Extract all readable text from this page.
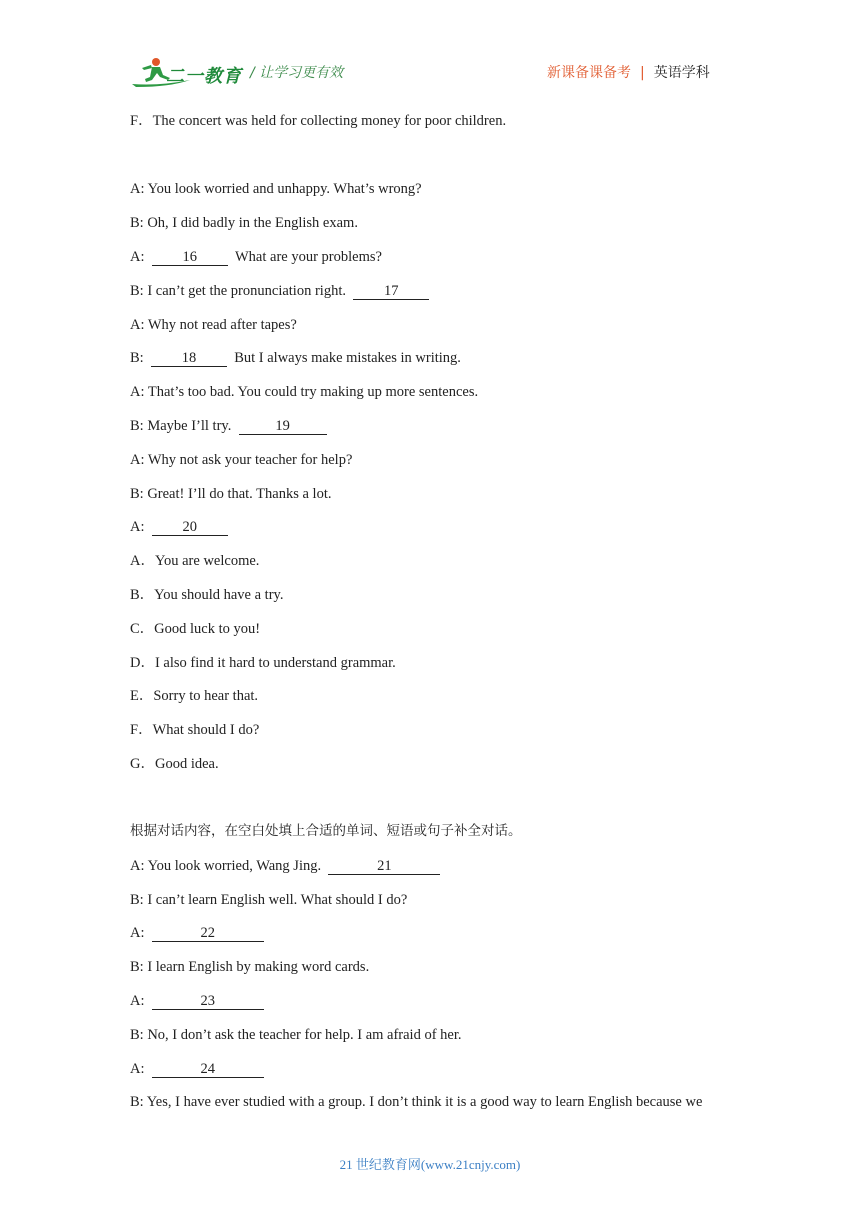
二一教育 / 让学习更有效	新课备课备考 | 英语学科
F．The concert was held for collecting money for poor children.
A: You look worried and unhappy. What’s wrong?
B: Oh, I did badly in the English exam.
A:	16	What are your problems?
B: I can’t get the pronunciation right.	17
A: Why not read after tapes?
B:	18	But I always make mistakes in writing.
A: That’s too bad. You could try making up more sentences.
B: Maybe I’ll try.	19
A: Why not ask your teacher for help?
B: Great! I’ll do that. Thanks a lot.
A:	20
A．You are welcome.
B．You should have a try.
C．Good luck to you!
D．I also find it hard to understand grammar.
E．Sorry to hear that.
F．What should I do?
G．Good idea.
根据对话内容，在空白处填上合适的单词、短语或句子补全对话。
A: You look worried, Wang Jing.	21
B: I can’t learn English well. What should I do?
A:	22
B: I learn English by making word cards.
A:	23
B: No, I don’t ask the teacher for help. I am afraid of her.
A:	24
B: Yes, I have ever studied with a group. I don’t think it is a good way to learn English because we
21 世纪教育网(www.21cnjy.com)
